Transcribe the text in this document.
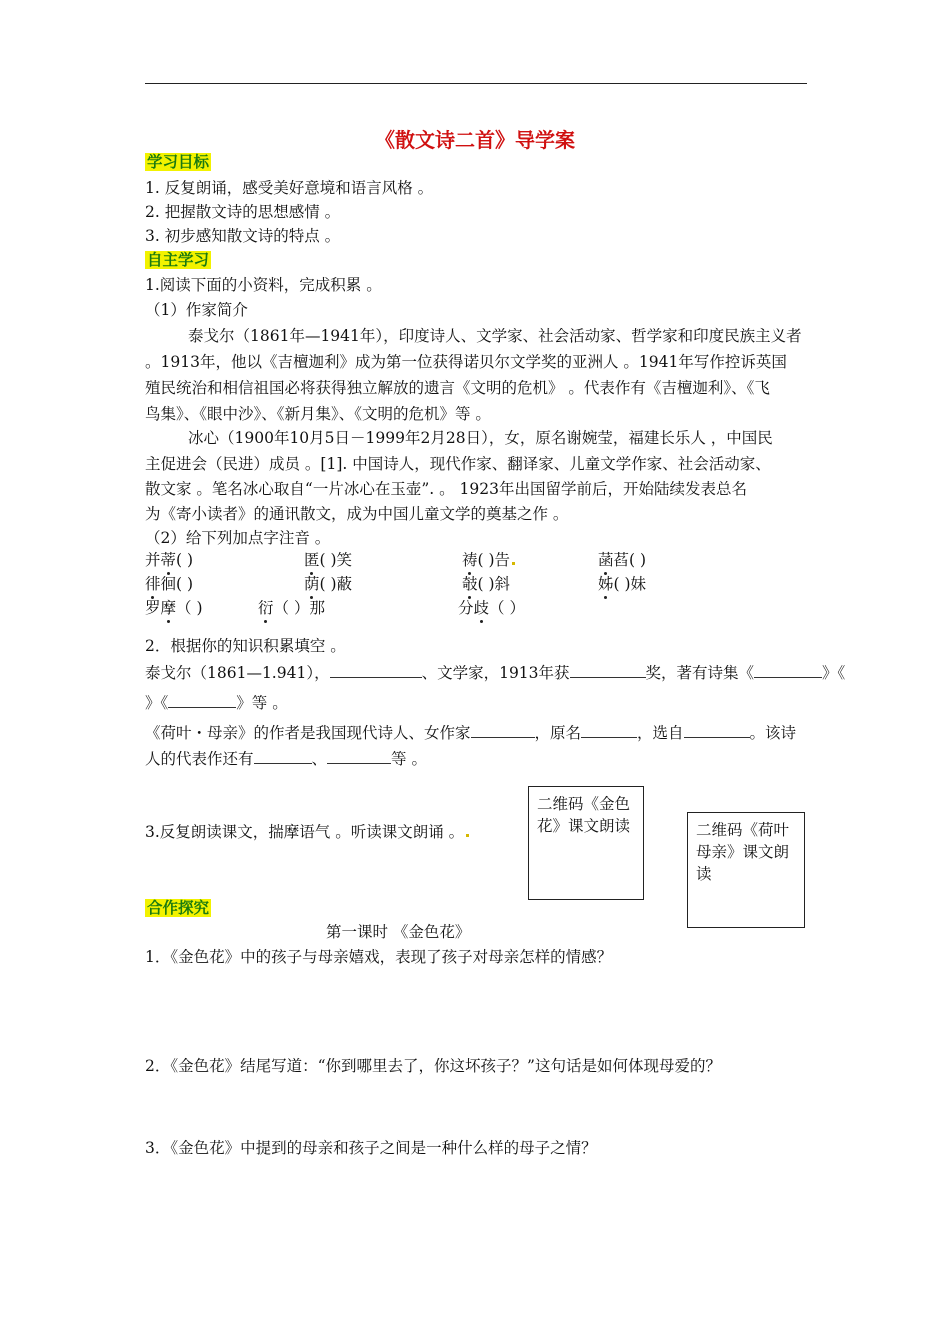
《散文诗二首》导学案
学习目标
1. 反复朗诵，感受美好意境和语言风格 。
2. 把握散文诗的思想感情 。
3. 初步感知散文诗的特点 。
自主学习
1.阅读下面的小资料，完成积累 。
（1）作家简介
泰戈尔（1861年—1941年），印度诗人、文学家、社会活动家、哲学家和印度民族主义者
。1913年，他以《吉檀迦利》成为第一位获得诺贝尔文学奖的亚洲人 。1941年写作控诉英国
殖民统治和相信祖国必将获得独立解放的遗言《文明的危机》 。代表作有《吉檀迦利》、《飞
鸟集》、《眼中沙》、《新月集》、《文明的危机》等 。
冰心（1900年10月5日－1999年2月28日），女，原名谢婉莹，福建长乐人 ，中国民
主促进会（民进）成员 。[1]. 中国诗人，现代作家、翻译家、儿童文学作家、社会活动家、
散文家 。笔名冰心取自“一片冰心在玉壶”. 。 1923年出国留学前后，开始陆续发表总名
为《寄小读者》的通讯散文，成为中国儿童文学的奠基之作 。
（2）给下列加点字注音 。
并蒂( )	匿( )笑	祷( )告	菡萏( )
徘徊( )	荫( )蔽	攲( )斜	姊( )妹
罗摩（ )	衍（ ）那	分歧（ ）
2．根据你的知识积累填空 。
泰戈尔（1861—1.941），	、文学家，1913年获	奖，著有诗集《	》《
》《	》等 。
《荷叶・母亲》的作者是我国现代诗人、女作家	，原名	，选自	。该诗
人的代表作还有	、	等 。
3.反复朗读课文，揣摩语气 。听读课文朗诵 。
二维码《金色花》课文朗读	二维码《荷叶母亲》课文朗读
合作探究
第一课时 《金色花》
1．《金色花》中的孩子与母亲嬉戏，表现了孩子对母亲怎样的情感？
2．《金色花》结尾写道：“你到哪里去了，你这坏孩子？”这句话是如何体现母爱的？
3．《金色花》中提到的母亲和孩子之间是一种什么样的母子之情？
